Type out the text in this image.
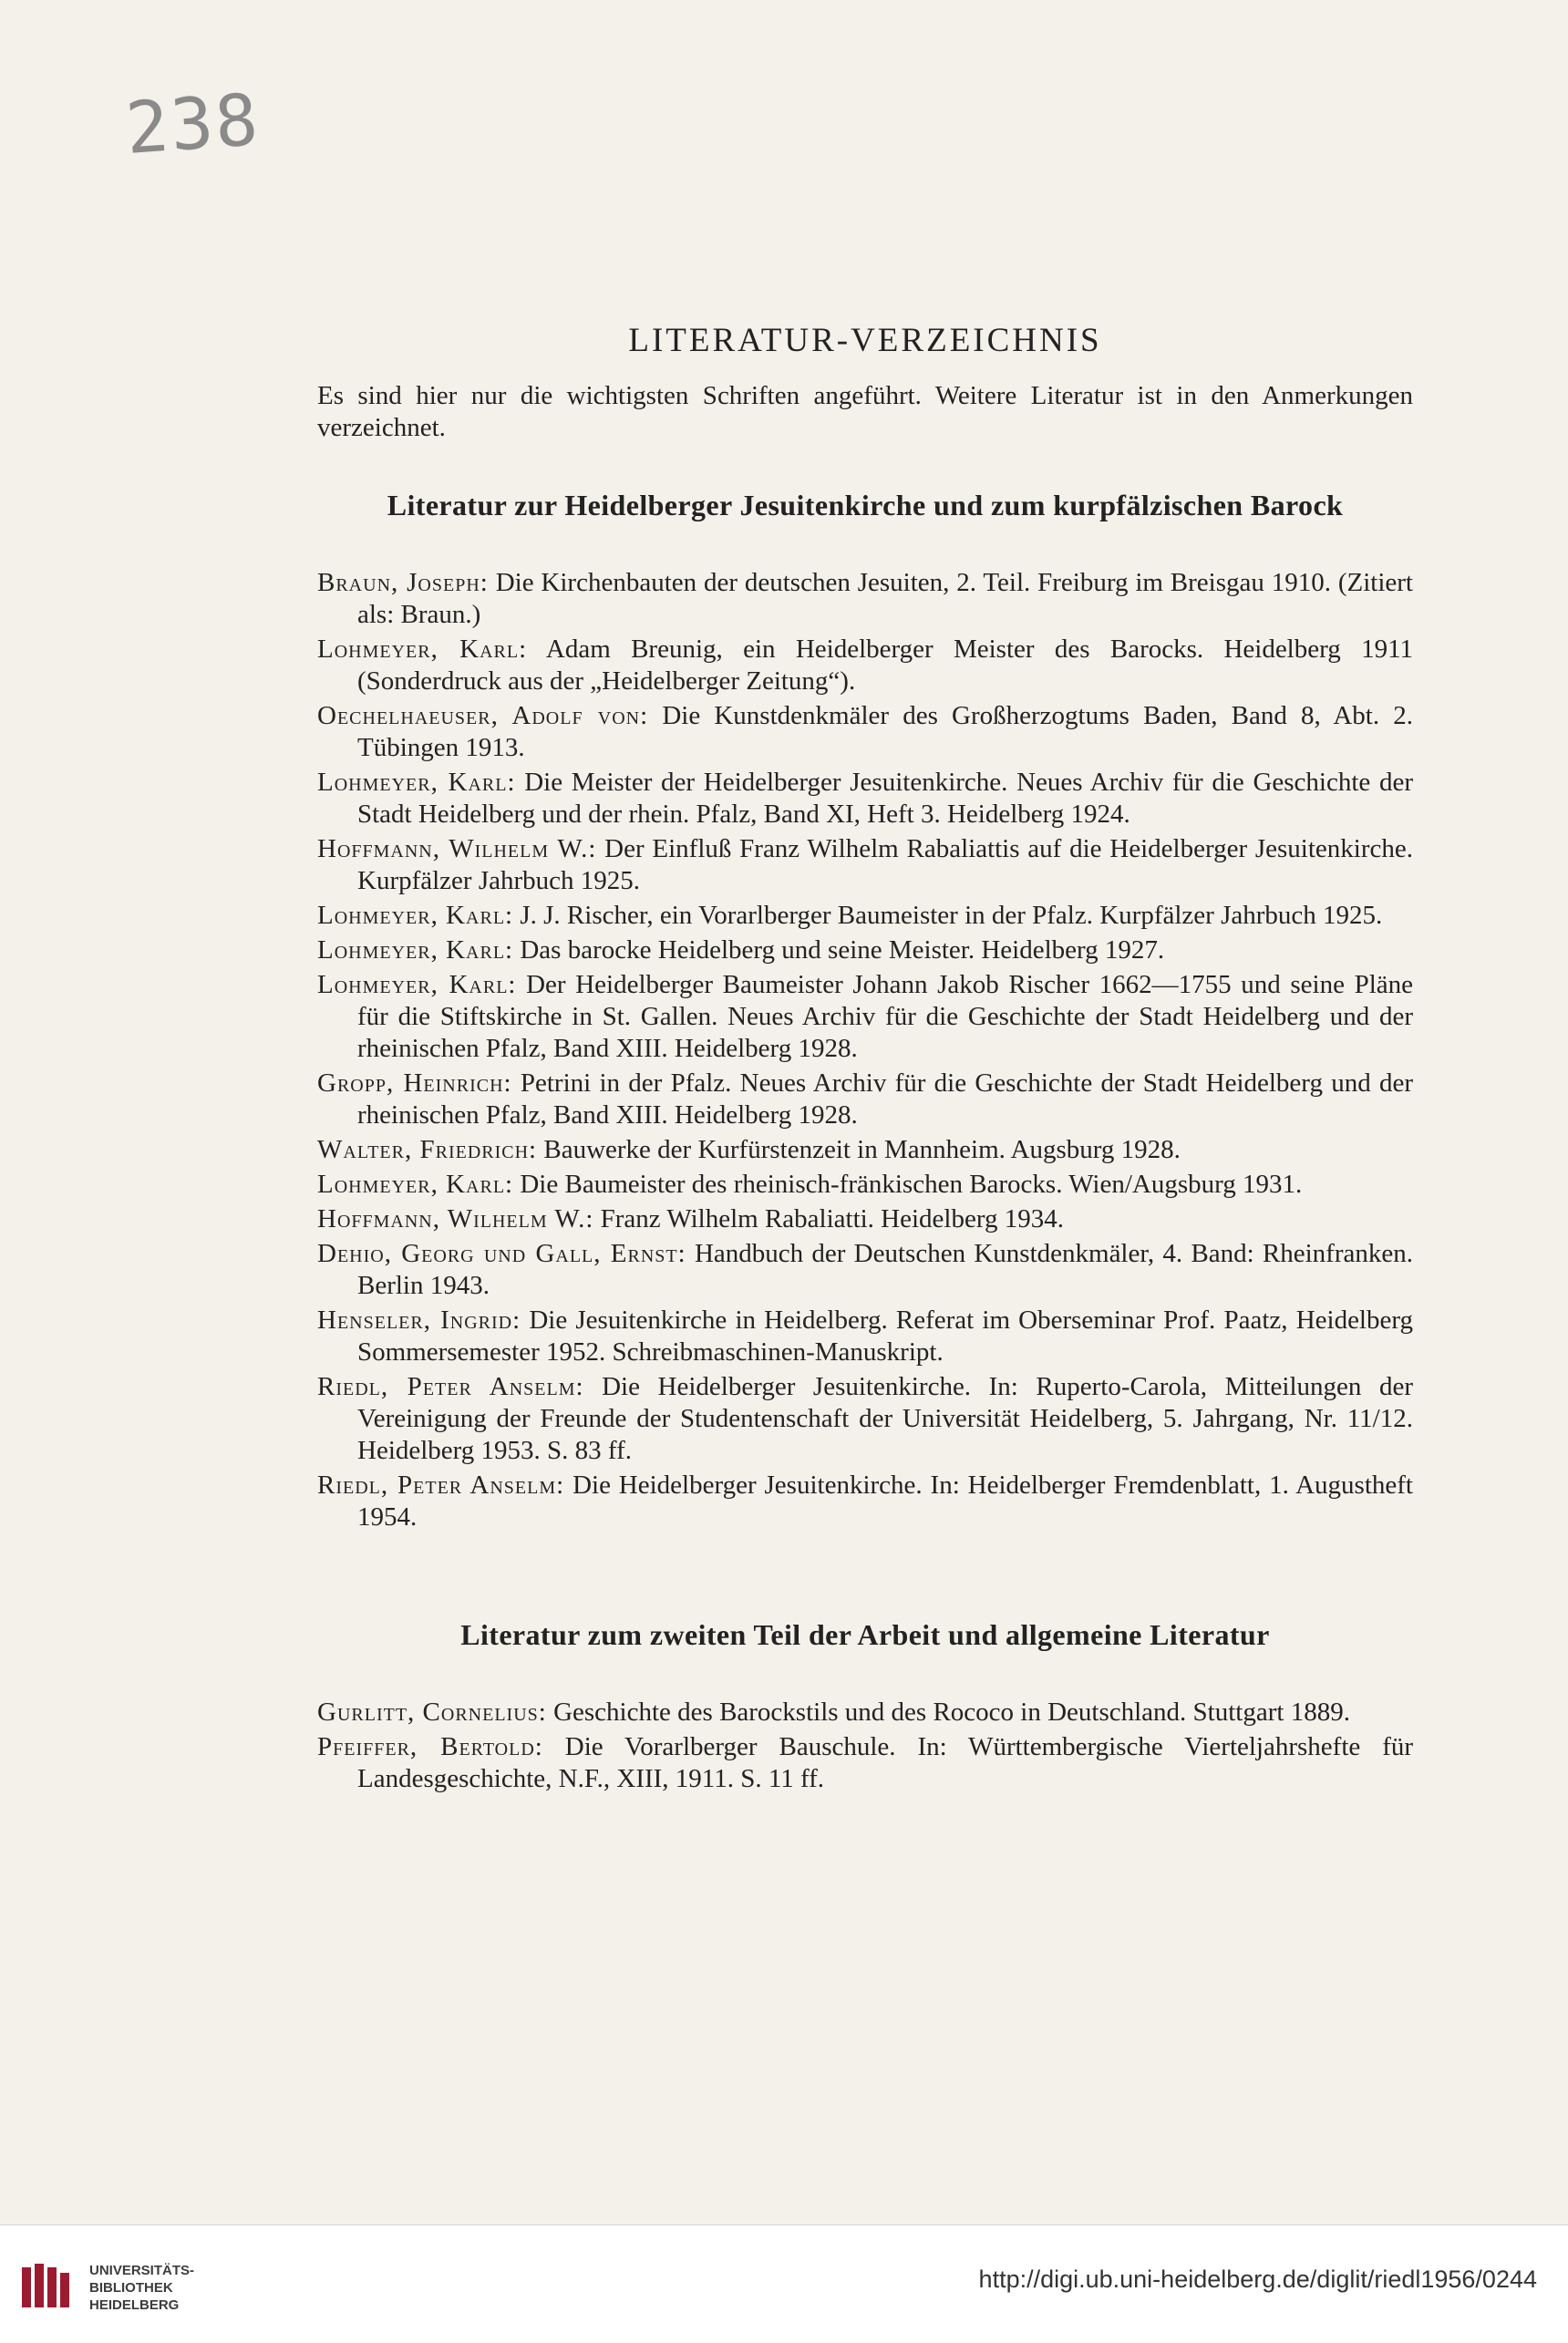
238
LITERATUR-VERZEICHNIS

Es sind hier nur die wichtigsten Schriften angeführt. Weitere Literatur ist in den Anmerkungen verzeichnet.

Literatur zur Heidelberger Jesuitenkirche und zum kurpfälzischen Barock

Braun, Joseph: Die Kirchenbauten der deutschen Jesuiten, 2. Teil. Freiburg im Breisgau 1910. (Zitiert als: Braun.)

Lohmeyer, Karl: Adam Breunig, ein Heidelberger Meister des Barocks. Heidelberg 1911 (Sonderdruck aus der „Heidelberger Zeitung“).

Oechelhaeuser, Adolf von: Die Kunstdenkmäler des Großherzogtums Baden, Band 8, Abt. 2. Tübingen 1913.

Lohmeyer, Karl: Die Meister der Heidelberger Jesuitenkirche. Neues Archiv für die Geschichte der Stadt Heidelberg und der rhein. Pfalz, Band XI, Heft 3. Heidelberg 1924.

Hoffmann, Wilhelm W.: Der Einfluß Franz Wilhelm Rabaliattis auf die Heidelberger Jesuitenkirche. Kurpfälzer Jahrbuch 1925.

Lohmeyer, Karl: J. J. Rischer, ein Vorarlberger Baumeister in der Pfalz. Kurpfälzer Jahrbuch 1925.

Lohmeyer, Karl: Das barocke Heidelberg und seine Meister. Heidelberg 1927.

Lohmeyer, Karl: Der Heidelberger Baumeister Johann Jakob Rischer 1662—1755 und seine Pläne für die Stiftskirche in St. Gallen. Neues Archiv für die Geschichte der Stadt Heidelberg und der rheinischen Pfalz, Band XIII. Heidelberg 1928.

Gropp, Heinrich: Petrini in der Pfalz. Neues Archiv für die Geschichte der Stadt Heidelberg und der rheinischen Pfalz, Band XIII. Heidelberg 1928.

Walter, Friedrich: Bauwerke der Kurfürstenzeit in Mannheim. Augsburg 1928.

Lohmeyer, Karl: Die Baumeister des rheinisch-fränkischen Barocks. Wien/Augsburg 1931.

Hoffmann, Wilhelm W.: Franz Wilhelm Rabaliatti. Heidelberg 1934.

Dehio, Georg und Gall, Ernst: Handbuch der Deutschen Kunstdenkmäler, 4. Band: Rheinfranken. Berlin 1943.

Henseler, Ingrid: Die Jesuitenkirche in Heidelberg. Referat im Oberseminar Prof. Paatz, Heidelberg Sommersemester 1952. Schreibmaschinen-Manuskript.

Riedl, Peter Anselm: Die Heidelberger Jesuitenkirche. In: Ruperto-Carola, Mitteilungen der Vereinigung der Freunde der Studentenschaft der Universität Heidelberg, 5. Jahrgang, Nr. 11/12. Heidelberg 1953. S. 83 ff.

Riedl, Peter Anselm: Die Heidelberger Jesuitenkirche. In: Heidelberger Fremdenblatt, 1. Augustheft 1954.

Literatur zum zweiten Teil der Arbeit und allgemeine Literatur

Gurlitt, Cornelius: Geschichte des Barockstils und des Rococo in Deutschland. Stuttgart 1889.

Pfeiffer, Bertold: Die Vorarlberger Bauschule. In: Württembergische Vierteljahrshefte für Landesgeschichte, N.F., XIII, 1911. S. 11 ff.

UNIVERSITÄTS-
BIBLIOTHEK
HEIDELBERG
http://digi.ub.uni-heidelberg.de/diglit/riedl1956/0244
